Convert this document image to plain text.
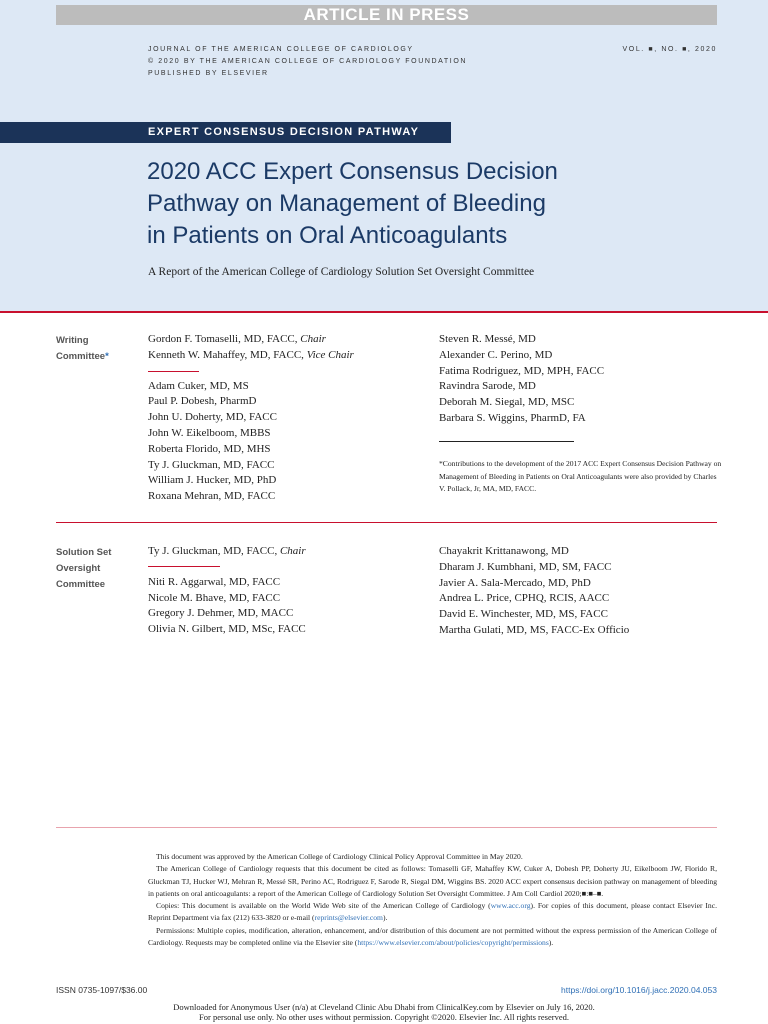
ARTICLE IN PRESS
JOURNAL OF THE AMERICAN COLLEGE OF CARDIOLOGY
© 2020 BY THE AMERICAN COLLEGE OF CARDIOLOGY FOUNDATION
PUBLISHED BY ELSEVIER
VOL. ■, NO. ■, 2020
EXPERT CONSENSUS DECISION PATHWAY
2020 ACC Expert Consensus Decision
Pathway on Management of Bleeding
in Patients on Oral Anticoagulants
A Report of the American College of Cardiology Solution Set Oversight Committee
Writing
Committee*
Gordon F. Tomaselli, MD, FACC, Chair
Kenneth W. Mahaffey, MD, FACC, Vice Chair
Adam Cuker, MD, MS
Paul P. Dobesh, PharmD
John U. Doherty, MD, FACC
John W. Eikelboom, MBBS
Roberta Florido, MD, MHS
Ty J. Gluckman, MD, FACC
William J. Hucker, MD, PhD
Roxana Mehran, MD, FACC
Steven R. Messé, MD
Alexander C. Perino, MD
Fatima Rodriguez, MD, MPH, FACC
Ravindra Sarode, MD
Deborah M. Siegal, MD, MSC
Barbara S. Wiggins, PharmD, FA
*Contributions to the development of the 2017 ACC Expert Consensus Decision Pathway on Management of Bleeding in Patients on Oral Anticoagulants were also provided by Charles V. Pollack, Jr, MA, MD, FACC.
Solution Set
Oversight
Committee
Ty J. Gluckman, MD, FACC, Chair
Niti R. Aggarwal, MD, FACC
Nicole M. Bhave, MD, FACC
Gregory J. Dehmer, MD, MACC
Olivia N. Gilbert, MD, MSc, FACC
Chayakrit Krittanawong, MD
Dharam J. Kumbhani, MD, SM, FACC
Javier A. Sala-Mercado, MD, PhD
Andrea L. Price, CPHQ, RCIS, AACC
David E. Winchester, MD, MS, FACC
Martha Gulati, MD, MS, FACC-Ex Officio

This document was approved by the American College of Cardiology Clinical Policy Approval Committee in May 2020.

The American College of Cardiology requests that this document be cited as follows: Tomaselli GF, Mahaffey KW, Cuker A, Dobesh PP, Doherty JU, Eikelboom JW, Florido R, Gluckman TJ, Hucker WJ, Mehran R, Messé SR, Perino AC, Rodriguez F, Sarode R, Siegal DM, Wiggins BS. 2020 ACC expert consensus decision pathway on management of bleeding in patients on oral anticoagulants: a report of the American College of Cardiology Solution Set Oversight Committee. J Am Coll Cardiol 2020;■:■–■.

Copies: This document is available on the World Wide Web site of the American College of Cardiology (www.acc.org). For copies of this document, please contact Elsevier Inc. Reprint Department via fax (212) 633-3820 or e-mail (reprints@elsevier.com).

Permissions: Multiple copies, modification, alteration, enhancement, and/or distribution of this document are not permitted without the express permission of the American College of Cardiology. Requests may be completed online via the Elsevier site (https://www.elsevier.com/about/policies/copyright/permissions).

ISSN 0735-1097/$36.00	https://doi.org/10.1016/j.jacc.2020.04.053
Downloaded for Anonymous User (n/a) at Cleveland Clinic Abu Dhabi from ClinicalKey.com by Elsevier on July 16, 2020.
For personal use only. No other uses without permission. Copyright ©2020. Elsevier Inc. All rights reserved.
